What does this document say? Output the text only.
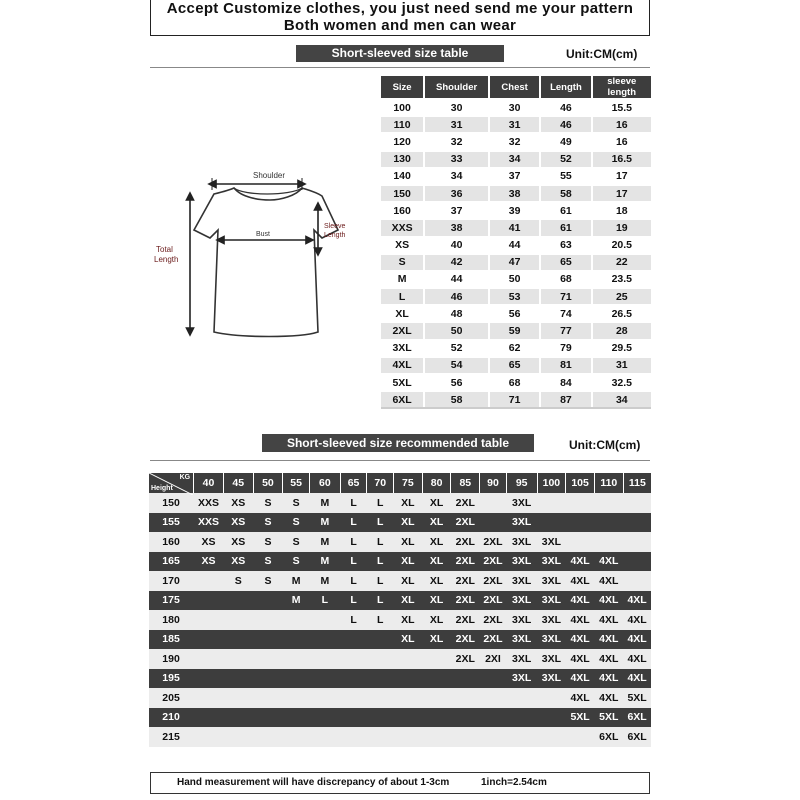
Accept Customize clothes, you just need send me your pattern
Both women and men can wear
Short-sleeved size table	Unit:CM(cm)
Shoulder
Bust
Sleeve
Length
Total
Length
Size	Shoulder	Chest	Length	sleeve length
100	30	30	46	15.5
110	31	31	46	16
120	32	32	49	16
130	33	34	52	16.5
140	34	37	55	17
150	36	38	58	17
160	37	39	61	18
XXS	38	41	61	19
XS	40	44	63	20.5
S	42	47	65	22
M	44	50	68	23.5
L	46	53	71	25
XL	48	56	74	26.5
2XL	50	59	77	28
3XL	52	62	79	29.5
4XL	54	65	81	31
5XL	56	68	84	32.5
6XL	58	71	87	34
Short-sleeved size recommended table	Unit:CM(cm)
KG
Height	40	45	50	55	60	65	70	75	80	85	90	95	100	105	110	115
150	XXS	XS	S	S	M	L	L	XL	XL	2XL		3XL				
155	XXS	XS	S	S	M	L	L	XL	XL	2XL		3XL				
160	XS	XS	S	S	M	L	L	XL	XL	2XL	2XL	3XL	3XL			
165	XS	XS	S	S	M	L	L	XL	XL	2XL	2XL	3XL	3XL	4XL	4XL	
170		S	S	M	M	L	L	XL	XL	2XL	2XL	3XL	3XL	4XL	4XL	
175				M	L	L	L	XL	XL	2XL	2XL	3XL	3XL	4XL	4XL	4XL
180						L	L	XL	XL	2XL	2XL	3XL	3XL	4XL	4XL	4XL
185								XL	XL	2XL	2XL	3XL	3XL	4XL	4XL	4XL
190										2XL	2XI	3XL	3XL	4XL	4XL	4XL
195												3XL	3XL	4XL	4XL	4XL
205														4XL	4XL	5XL
210														5XL	5XL	6XL
215															6XL	6XL
Hand measurement will have discrepancy of about 1-3cm	1inch=2.54cm
